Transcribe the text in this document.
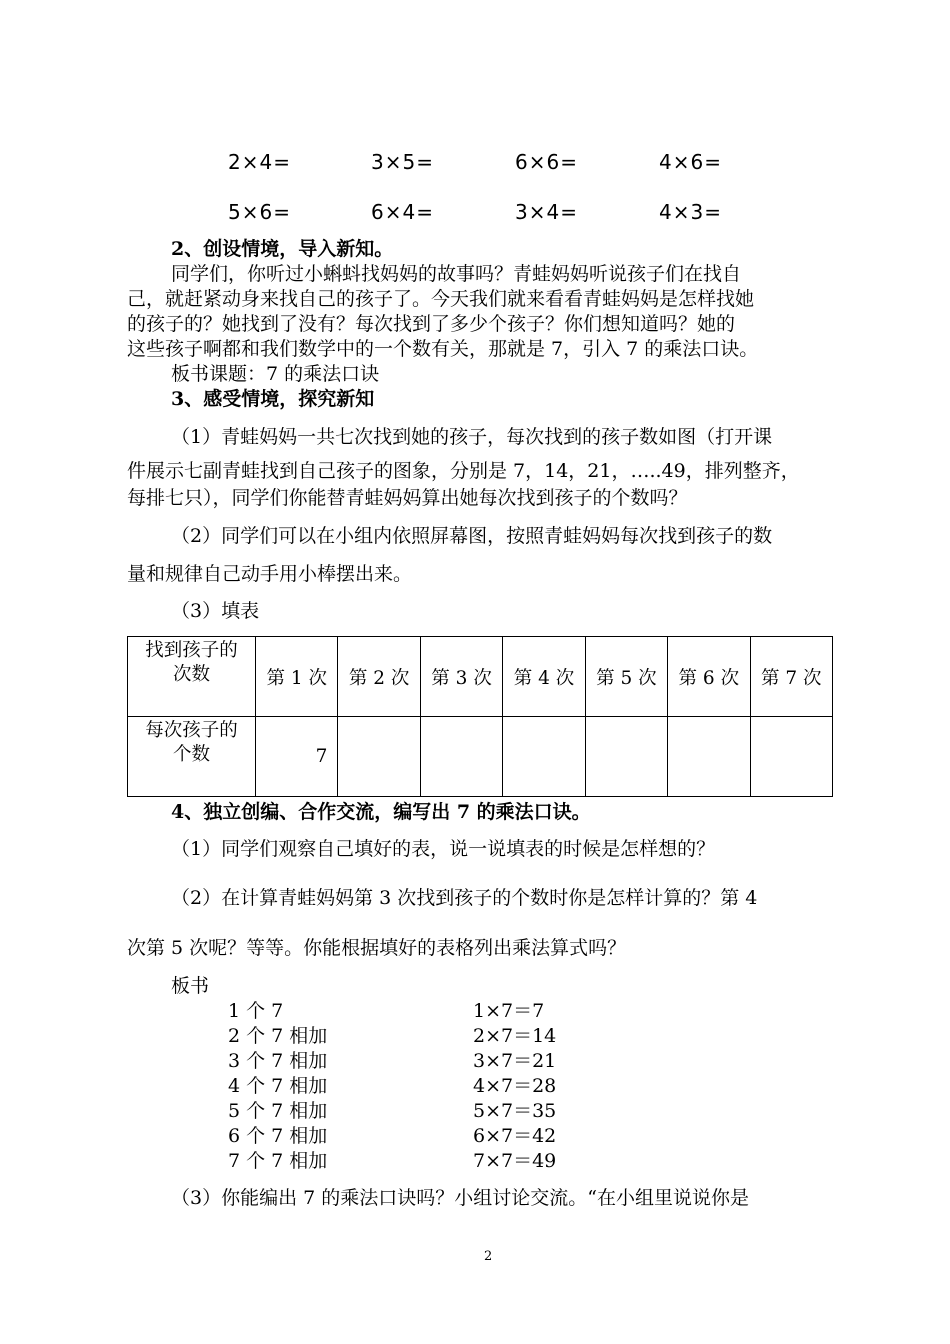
2×4=	3×5=	6×6=	4×6=
5×6=	6×4=	3×4=	4×3=
2、创设情境，导入新知。
同学们，你听过小蝌蚪找妈妈的故事吗？青蛙妈妈听说孩子们在找自
己，就赶紧动身来找自己的孩子了。今天我们就来看看青蛙妈妈是怎样找她
的孩子的？她找到了没有？每次找到了多少个孩子？你们想知道吗？她的
这些孩子啊都和我们数学中的一个数有关，那就是 7，引入 7 的乘法口诀。
板书课题：7 的乘法口诀
3、感受情境，探究新知
（1）青蛙妈妈一共七次找到她的孩子，每次找到的孩子数如图（打开课
件展示七副青蛙找到自己孩子的图象，分别是 7，14，21，…..49，排列整齐，
每排七只），同学们你能替青蛙妈妈算出她每次找到孩子的个数吗？
（2）同学们可以在小组内依照屏幕图，按照青蛙妈妈每次找到孩子的数
量和规律自己动手用小棒摆出来。
（3）填表
找到孩子的
次数	第 1 次	第 2 次	第 3 次	第 4 次	第 5 次	第 6 次	第 7 次

每次孩子的
个数	7						
4、独立创编、合作交流，编写出 7 的乘法口诀。
（1）同学们观察自己填好的表，说一说填表的时候是怎样想的？
（2）在计算青蛙妈妈第 3 次找到孩子的个数时你是怎样计算的？第 4
次第 5 次呢？等等。你能根据填好的表格列出乘法算式吗？
板书
1 个 7	1×7＝7
2 个 7 相加	2×7＝14
3 个 7 相加	3×7＝21
4 个 7 相加	4×7＝28
5 个 7 相加	5×7＝35
6 个 7 相加	6×7＝42
7 个 7 相加	7×7＝49
（3）你能编出 7 的乘法口诀吗？小组讨论交流。“在小组里说说你是
2
